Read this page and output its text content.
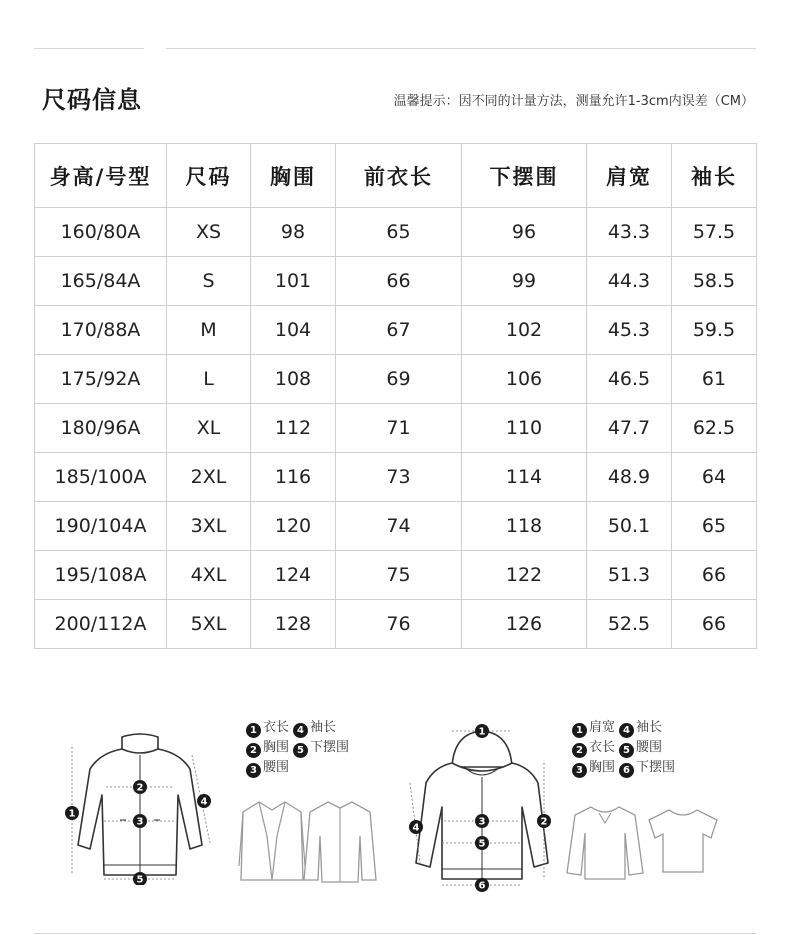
尺码信息	温馨提示：因不同的计量方法，测量允许1-3cm内误差（CM）
身高/号型	尺码	胸围	前衣长	下摆围	肩宽	袖长
160/80A	XS	98	65	96	43.3	57.5
165/84A	S	101	66	99	44.3	58.5
170/88A	M	104	67	102	45.3	59.5
175/92A	L	108	69	106	46.5	61
180/96A	XL	112	71	110	47.7	62.5
185/100A	2XL	116	73	114	48.9	64
190/104A	3XL	120	74	118	50.1	65
195/108A	4XL	124	75	122	51.3	66
200/112A	5XL	128	76	126	52.5	66
1
2
3
4
5
1 衣长 4 袖长
2 胸围 5 下摆围
3 腰围
1
2
3
4
5
6
1 肩宽 4 袖长
2 衣长 5 腰围
3 胸围 6 下摆围
